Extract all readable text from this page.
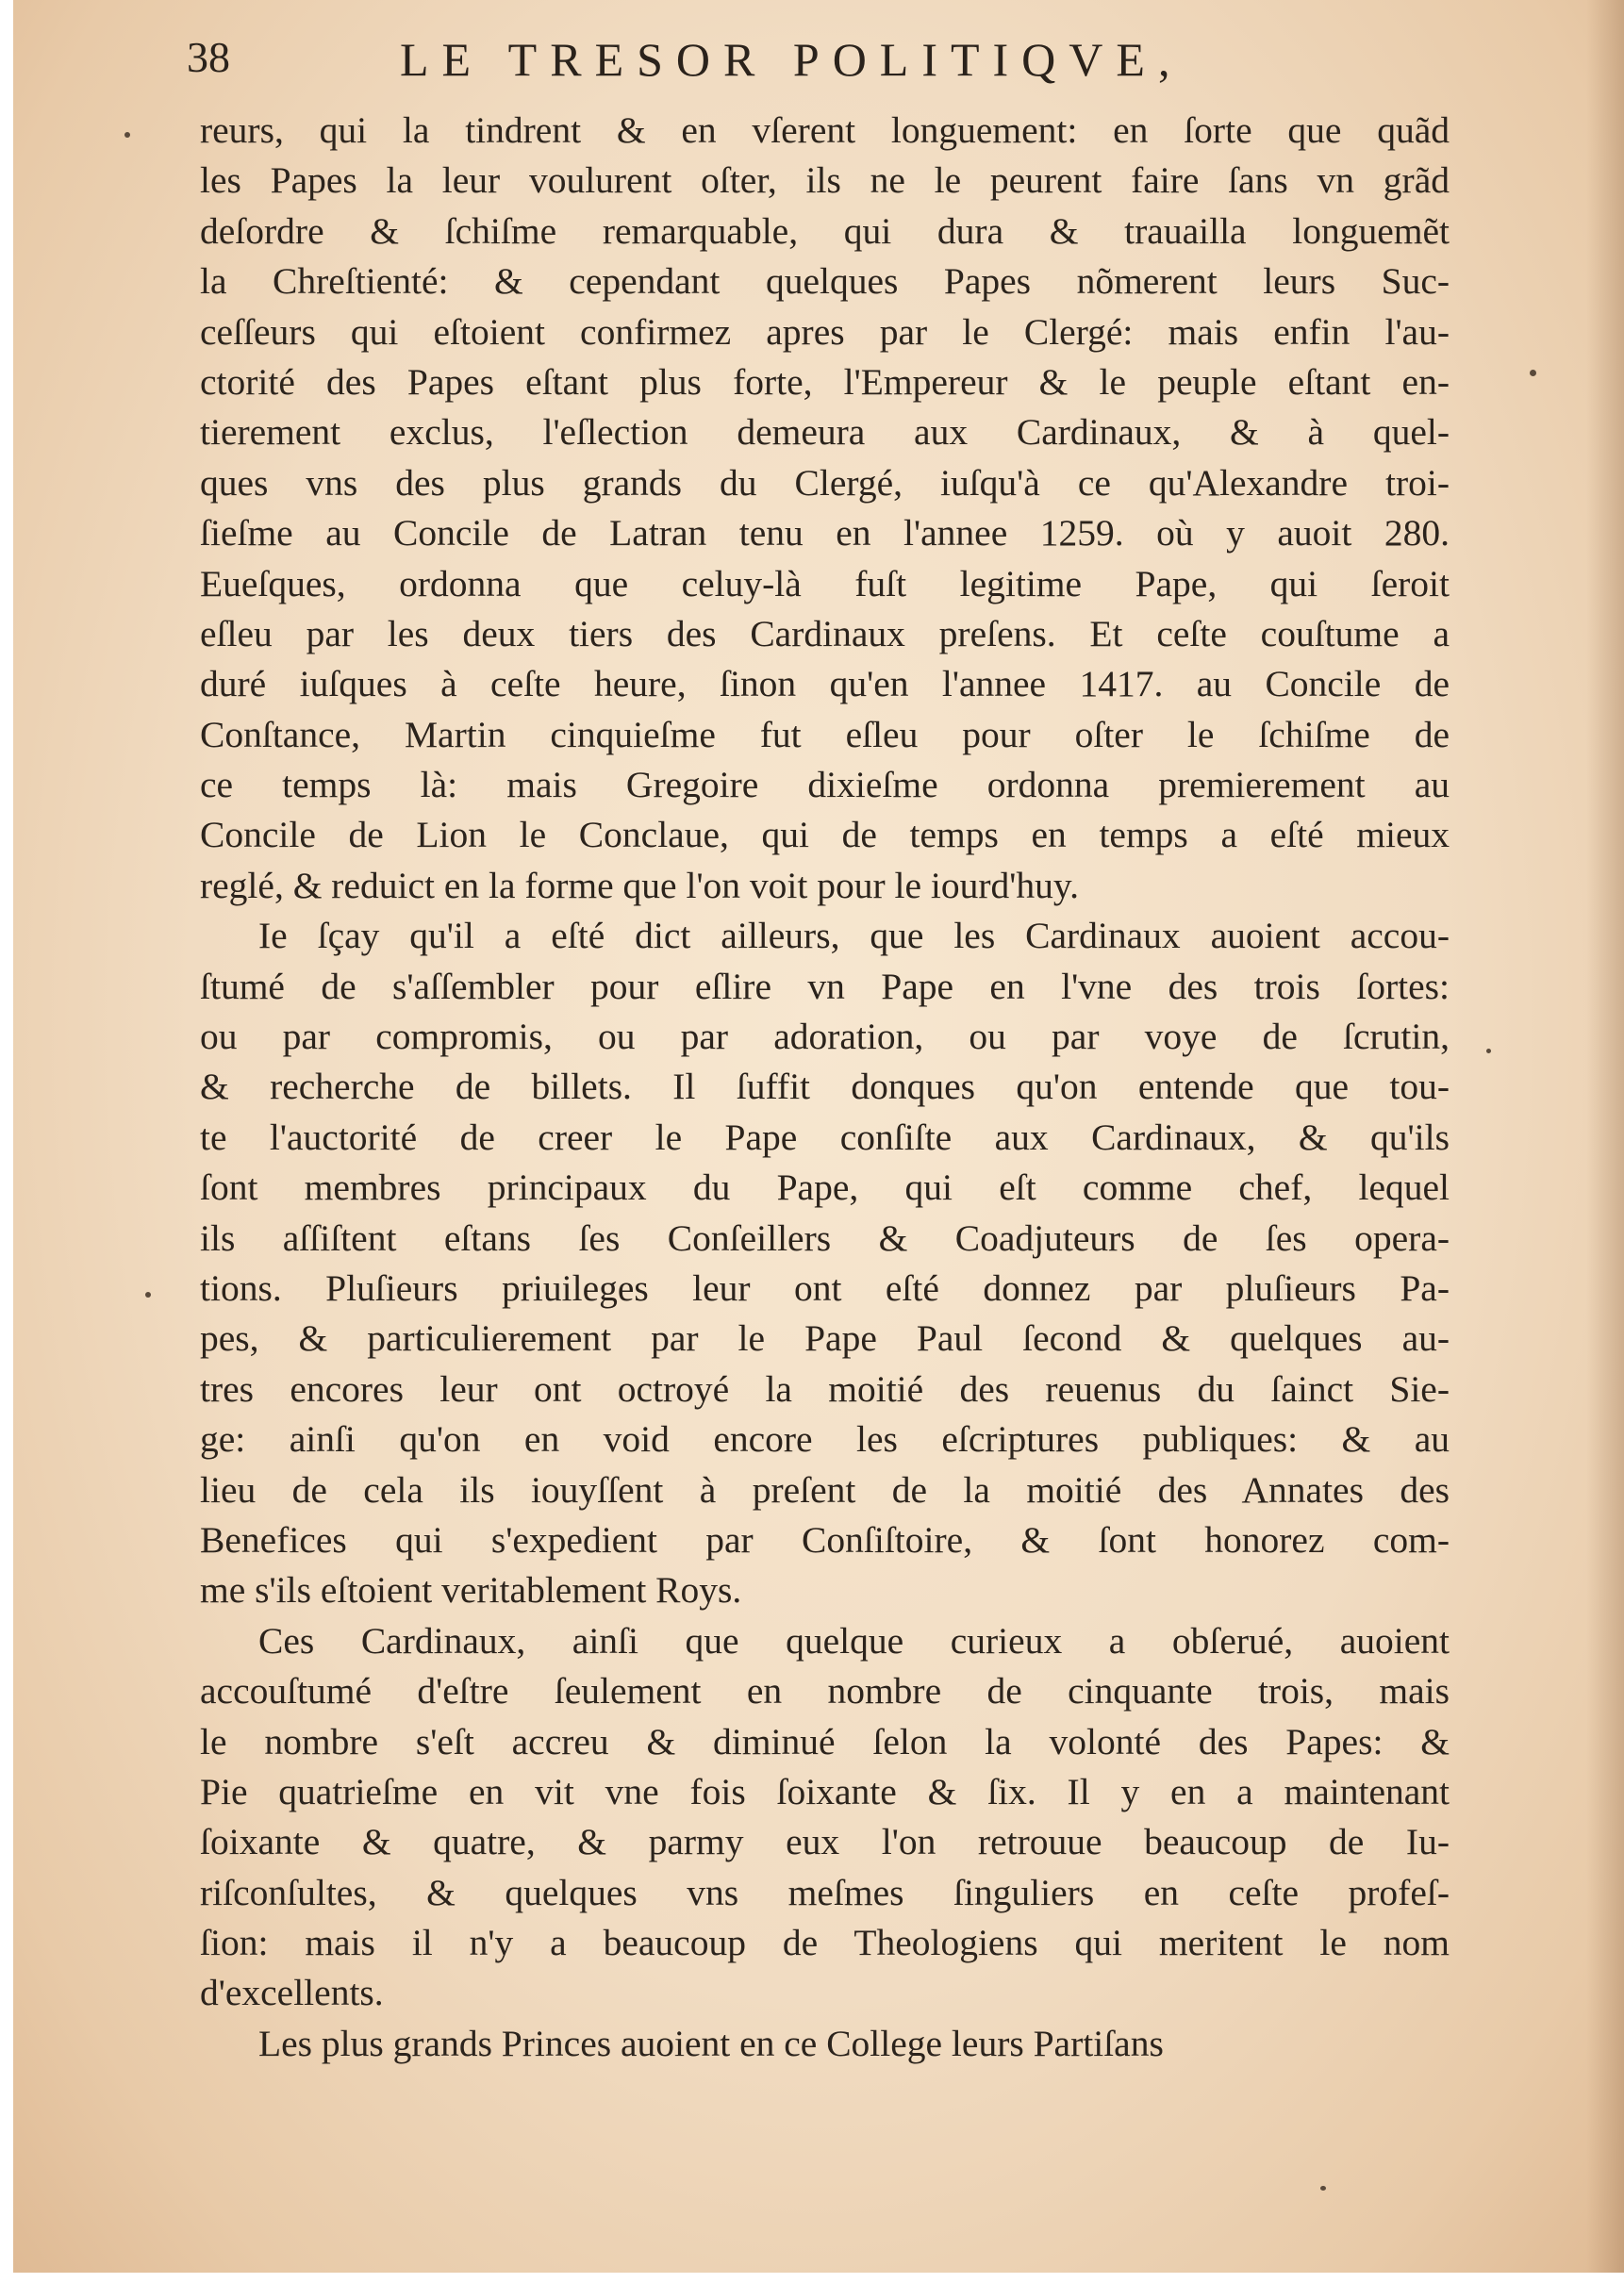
38	LE TRESOR POLITIQVE,
reurs, qui la tindrent & en vſerent longuement: en ſorte que quãd
les Papes la leur voulurent oſter, ils ne le peurent faire ſans vn grãd
deſordre & ſchiſme remarquable, qui dura & trauailla longuemẽt
la Chreſtienté: & cependant quelques Papes nõmerent leurs Suc-
ceſſeurs qui eſtoient confirmez apres par le Clergé: mais enfin l'au-
ctorité des Papes eſtant plus forte, l'Empereur & le peuple eſtant en-
tierement exclus, l'eſlection demeura aux Cardinaux, & à quel-
ques vns des plus grands du Clergé, iuſqu'à ce qu'Alexandre troi-
ſieſme au Concile de Latran tenu en l'annee 1259. où y auoit 280.
Eueſques, ordonna que celuy-là fuſt legitime Pape, qui ſeroit
eſleu par les deux tiers des Cardinaux preſens. Et ceſte couſtume a
duré iuſques à ceſte heure, ſinon qu'en l'annee 1417. au Concile de
Conſtance, Martin cinquieſme fut eſleu pour oſter le ſchiſme de
ce temps là: mais Gregoire dixieſme ordonna premierement au
Concile de Lion le Conclaue, qui de temps en temps a eſté mieux
reglé, & reduict en la forme que l'on voit pour le iourd'huy.
Ie ſçay qu'il a eſté dict ailleurs, que les Cardinaux auoient accou-
ſtumé de s'aſſembler pour eſlire vn Pape en l'vne des trois ſortes:
ou par compromis, ou par adoration, ou par voye de ſcrutin,
& recherche de billets. Il ſuffit donques qu'on entende que tou-
te l'auctorité de creer le Pape conſiſte aux Cardinaux, & qu'ils
ſont membres principaux du Pape, qui eſt comme chef, lequel
ils aſſiſtent eſtans ſes Conſeillers & Coadjuteurs de ſes opera-
tions. Pluſieurs priuileges leur ont eſté donnez par pluſieurs Pa-
pes, & particulierement par le Pape Paul ſecond & quelques au-
tres encores leur ont octroyé la moitié des reuenus du ſainct Sie-
ge: ainſi qu'on en void encore les eſcriptures publiques: & au
lieu de cela ils iouyſſent à preſent de la moitié des Annates des
Benefices qui s'expedient par Conſiſtoire, & ſont honorez com-
me s'ils eſtoient veritablement Roys.
Ces Cardinaux, ainſi que quelque curieux a obſerué, auoient
accouſtumé d'eſtre ſeulement en nombre de cinquante trois, mais
le nombre s'eſt accreu & diminué ſelon la volonté des Papes: &
Pie quatrieſme en vit vne fois ſoixante & ſix. Il y en a maintenant
ſoixante & quatre, & parmy eux l'on retrouue beaucoup de Iu-
riſconſultes, & quelques vns meſmes ſinguliers en ceſte profeſ-
ſion: mais il n'y a beaucoup de Theologiens qui meritent le nom
d'excellents.
Les plus grands Princes auoient en ce College leurs Partiſans
